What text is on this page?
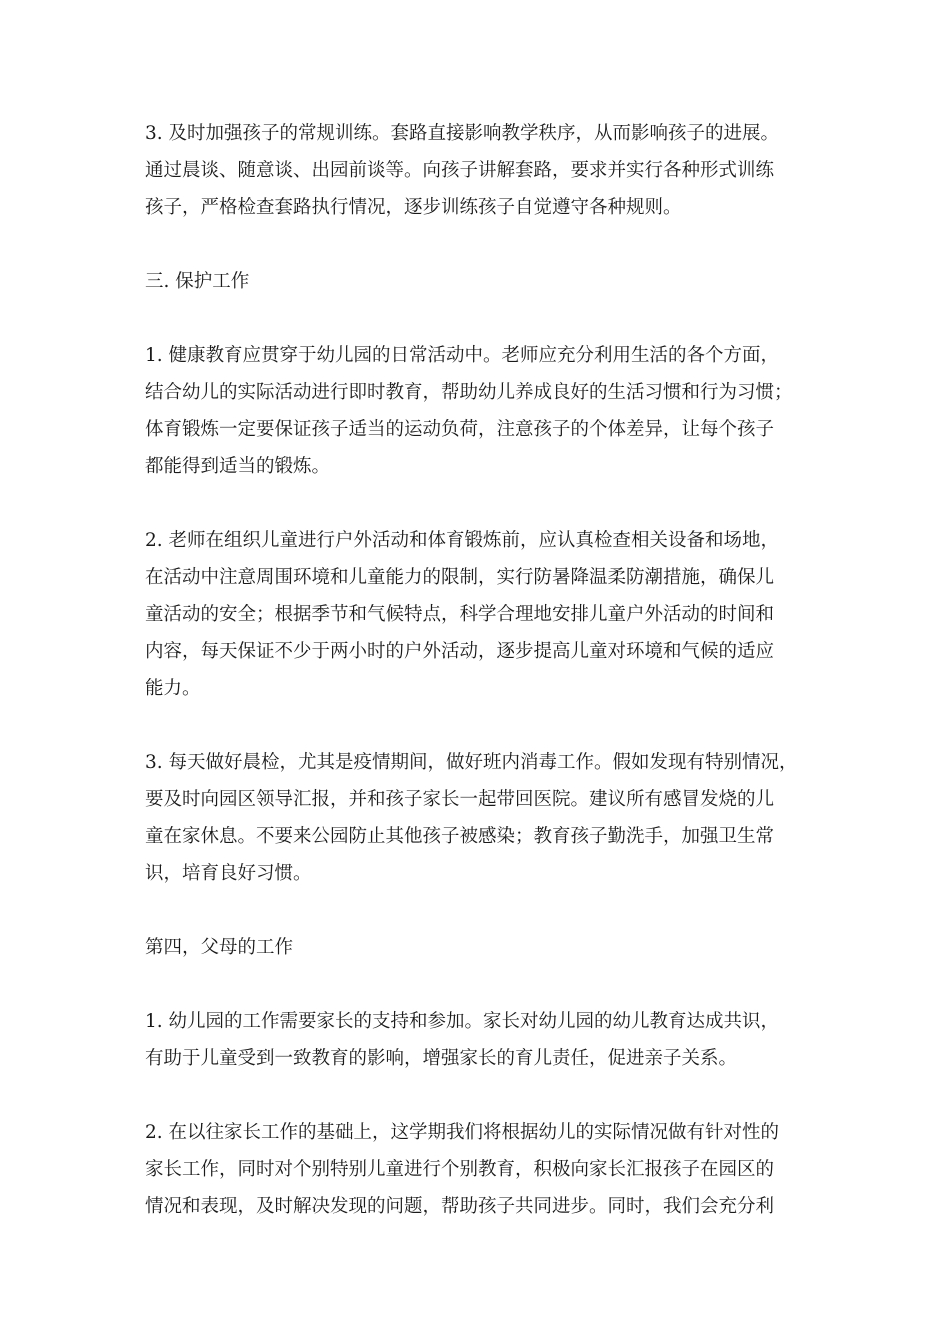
3. 及时加强孩子的常规训练。套路直接影响教学秩序，从而影响孩子的进展。
通过晨谈、随意谈、出园前谈等。向孩子讲解套路，要求并实行各种形式训练
孩子，严格检查套路执行情况，逐步训练孩子自觉遵守各种规则。
三. 保护工作
1. 健康教育应贯穿于幼儿园的日常活动中。老师应充分利用生活的各个方面，
结合幼儿的实际活动进行即时教育，帮助幼儿养成良好的生活习惯和行为习惯；
体育锻炼一定要保证孩子适当的运动负荷，注意孩子的个体差异，让每个孩子
都能得到适当的锻炼。
2. 老师在组织儿童进行户外活动和体育锻炼前，应认真检查相关设备和场地，
在活动中注意周围环境和儿童能力的限制，实行防暑降温柔防潮措施，确保儿
童活动的安全；根据季节和气候特点，科学合理地安排儿童户外活动的时间和
内容，每天保证不少于两小时的户外活动，逐步提高儿童对环境和气候的适应
能力。
3. 每天做好晨检，尤其是疫情期间，做好班内消毒工作。假如发现有特别情况，
要及时向园区领导汇报，并和孩子家长一起带回医院。建议所有感冒发烧的儿
童在家休息。不要来公园防止其他孩子被感染；教育孩子勤洗手，加强卫生常
识，培育良好习惯。
第四，父母的工作
1. 幼儿园的工作需要家长的支持和参加。家长对幼儿园的幼儿教育达成共识，
有助于儿童受到一致教育的影响，增强家长的育儿责任，促进亲子关系。
2. 在以往家长工作的基础上，这学期我们将根据幼儿的实际情况做有针对性的
家长工作，同时对个别特别儿童进行个别教育，积极向家长汇报孩子在园区的
情况和表现，及时解决发现的问题，帮助孩子共同进步。同时，我们会充分利
